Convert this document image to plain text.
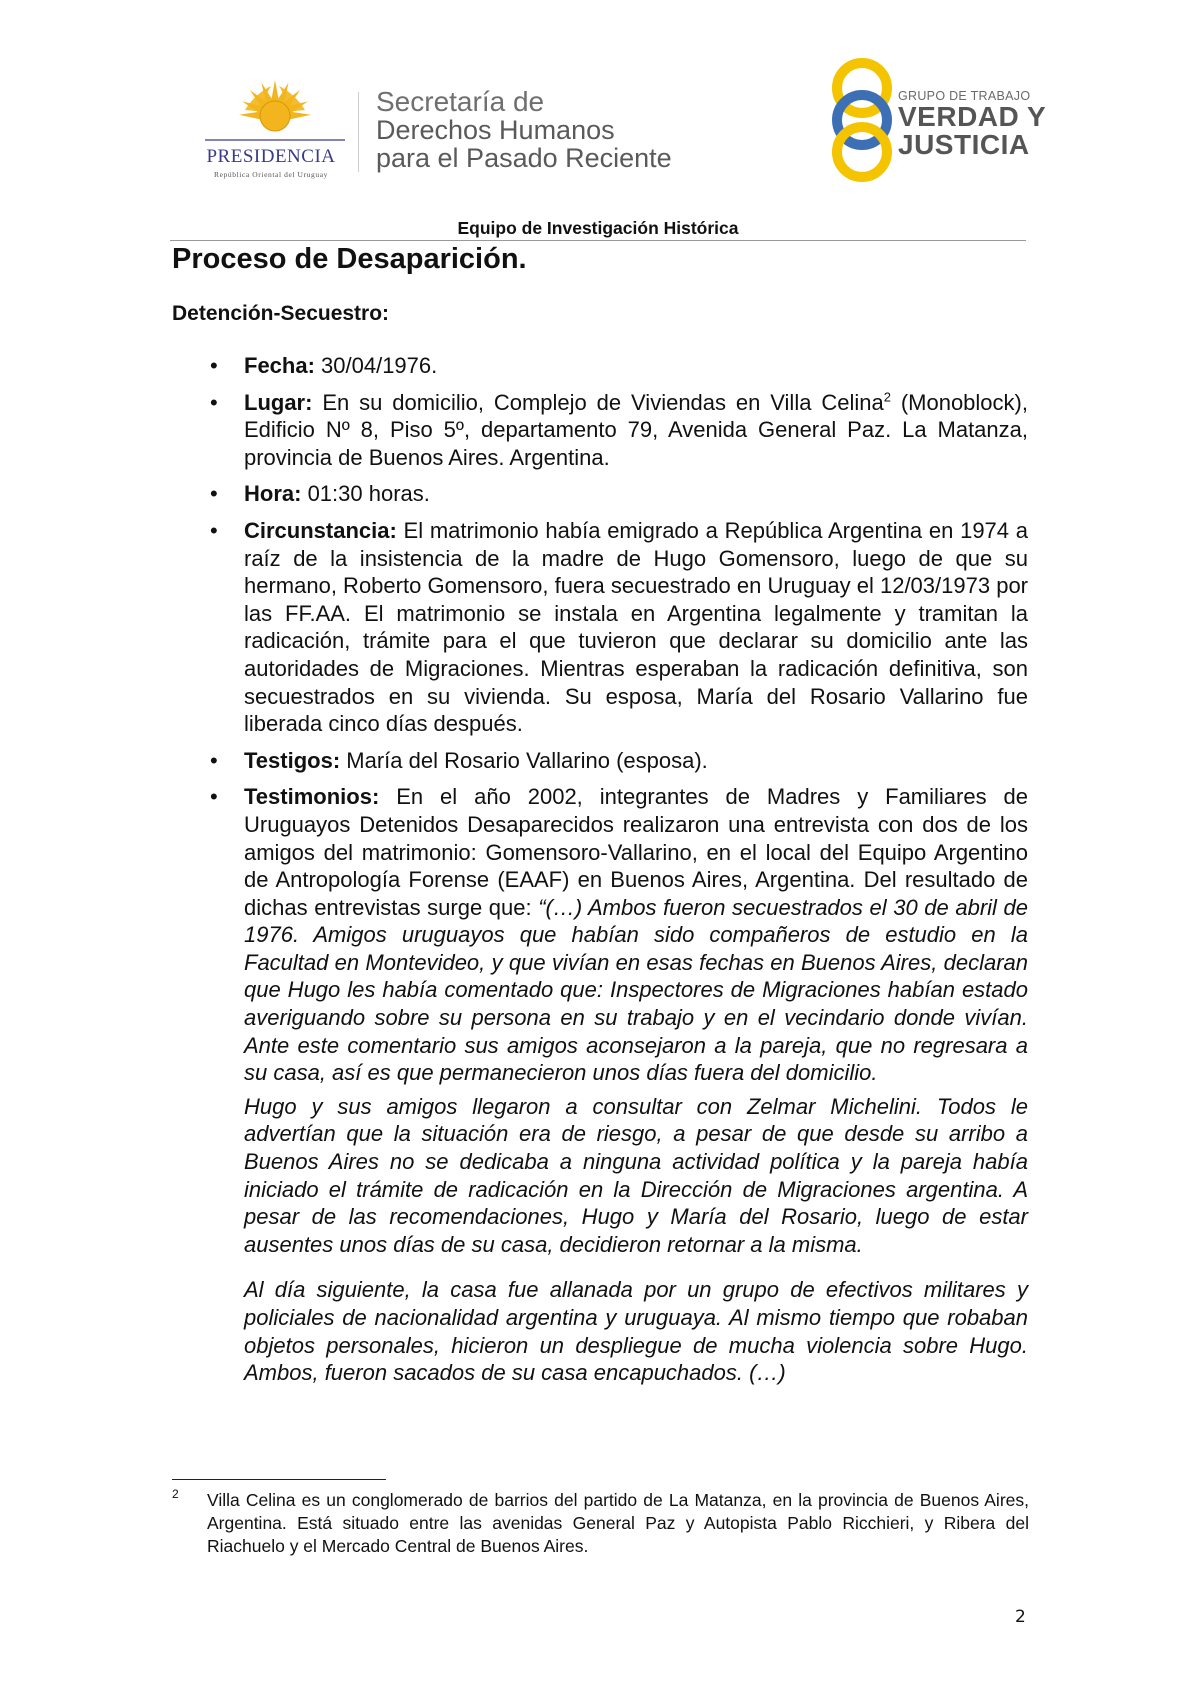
PRESIDENCIA
República Oriental del Uruguay
Secretaría de
Derechos Humanos
para el Pasado Reciente
GRUPO DE TRABAJO
VERDAD Y
JUSTICIA
Equipo de Investigación Histórica
Proceso de Desaparición.
Detención-Secuestro:
• Fecha: 30/04/1976.
• Lugar: En su domicilio, Complejo de Viviendas en Villa Celina$^2$ (Monoblock), Edificio Nº 8, Piso 5º, departamento 79, Avenida General Paz. La Matanza, provincia de Buenos Aires. Argentina.
• Hora: 01:30 horas.
• Circunstancia: El matrimonio había emigrado a República Argentina en 1974 a raíz de la insistencia de la madre de Hugo Gomensoro, luego de que su hermano, Roberto Gomensoro, fuera secuestrado en Uruguay el 12/03/1973 por las FF.AA. El matrimonio se instala en Argentina legalmente y tramitan la radicación, trámite para el que tuvieron que declarar su domicilio ante las autoridades de Migraciones. Mientras esperaban la radicación definitiva, son secuestrados en su vivienda. Su esposa, María del Rosario Vallarino fue liberada cinco días después.
• Testigos: María del Rosario Vallarino (esposa).
• Testimonios: En el año 2002, integrantes de Madres y Familiares de Uruguayos Detenidos Desaparecidos realizaron una entrevista con dos de los amigos del matrimonio: Gomensoro-Vallarino, en el local del Equipo Argentino de Antropología Forense (EAAF) en Buenos Aires, Argentina. Del resultado de dichas entrevistas surge que: “(…) Ambos fueron secuestrados el 30 de abril de 1976. Amigos uruguayos que habían sido compañeros de estudio en la Facultad en Montevideo, y que vivían en esas fechas en Buenos Aires, declaran que Hugo les había comentado que: Inspectores de Migraciones habían estado averiguando sobre su persona en su trabajo y en el vecindario donde vivían. Ante este comentario sus amigos aconsejaron a la pareja, que no regresara a su casa, así es que permanecieron unos días fuera del domicilio.
Hugo y sus amigos llegaron a consultar con Zelmar Michelini. Todos le advertían que la situación era de riesgo, a pesar de que desde su arribo a Buenos Aires no se dedicaba a ninguna actividad política y la pareja había iniciado el trámite de radicación en la Dirección de Migraciones argentina. A pesar de las recomendaciones, Hugo y María del Rosario, luego de estar ausentes unos días de su casa, decidieron retornar a la misma.
Al día siguiente, la casa fue allanada por un grupo de efectivos militares y policiales de nacionalidad argentina y uruguaya. Al mismo tiempo que robaban objetos personales, hicieron un despliegue de mucha violencia sobre Hugo. Ambos, fueron sacados de su casa encapuchados. (…)
2 Villa Celina es un conglomerado de barrios del partido de La Matanza, en la provincia de Buenos Aires, Argentina. Está situado entre las avenidas General Paz y Autopista Pablo Ricchieri, y Ribera del Riachuelo y el Mercado Central de Buenos Aires.
2
